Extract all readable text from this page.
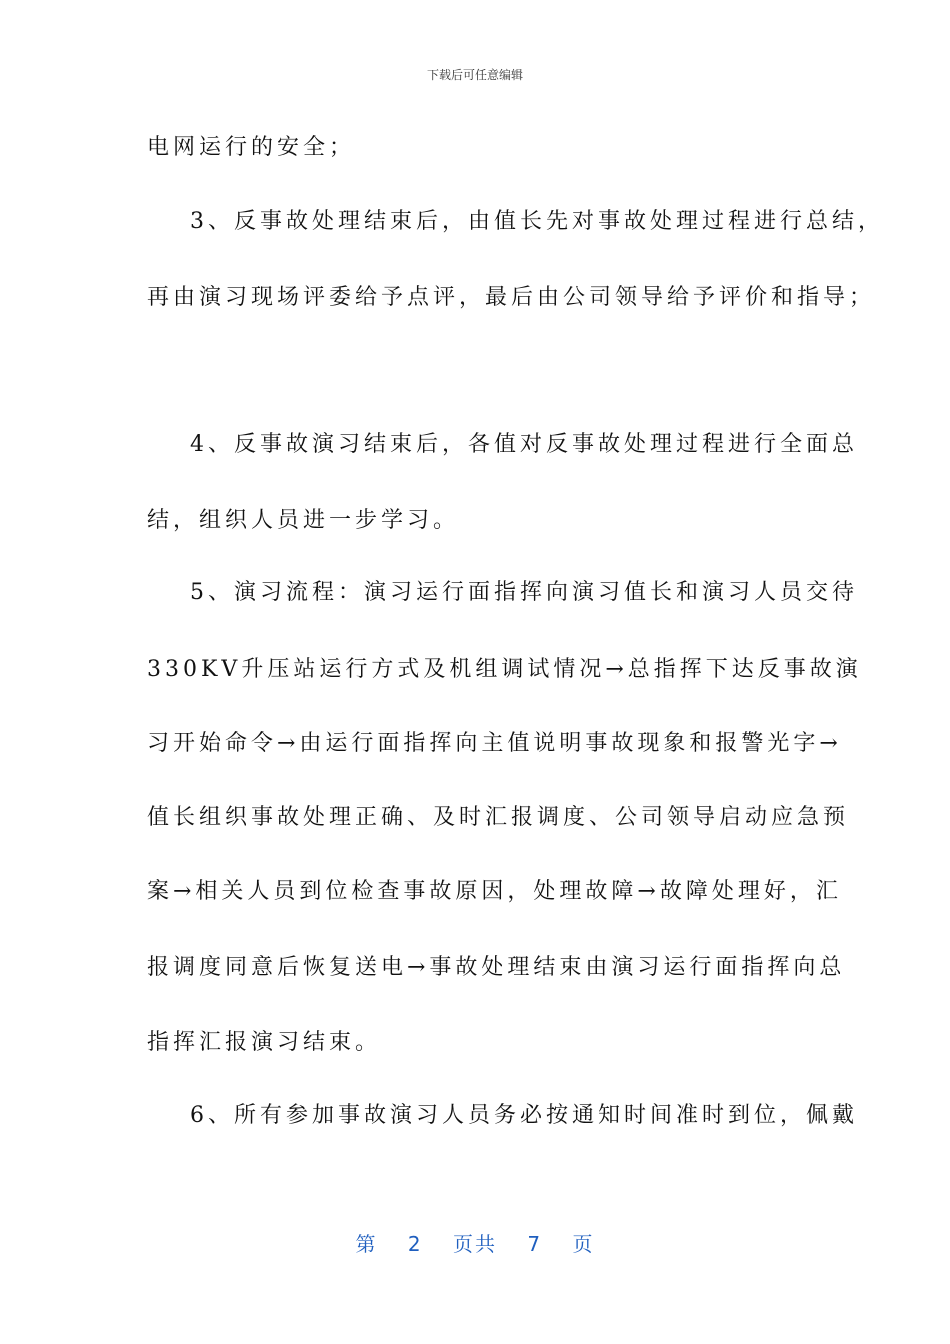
下载后可任意编辑
电网运行的安全；
3、反事故处理结束后，由值长先对事故处理过程进行总结，
再由演习现场评委给予点评，最后由公司领导给予评价和指导；
4、反事故演习结束后，各值对反事故处理过程进行全面总
结，组织人员进一步学习。
5、演习流程：演习运行面指挥向演习值长和演习人员交待
330KV升压站运行方式及机组调试情况→总指挥下达反事故演
习开始命令→由运行面指挥向主值说明事故现象和报警光字→
值长组织事故处理正确、及时汇报调度、公司领导启动应急预
案→相关人员到位检查事故原因，处理故障→故障处理好，汇
报调度同意后恢复送电→事故处理结束由演习运行面指挥向总
指挥汇报演习结束。
6、所有参加事故演习人员务必按通知时间准时到位，佩戴
第 2 页共 7 页
